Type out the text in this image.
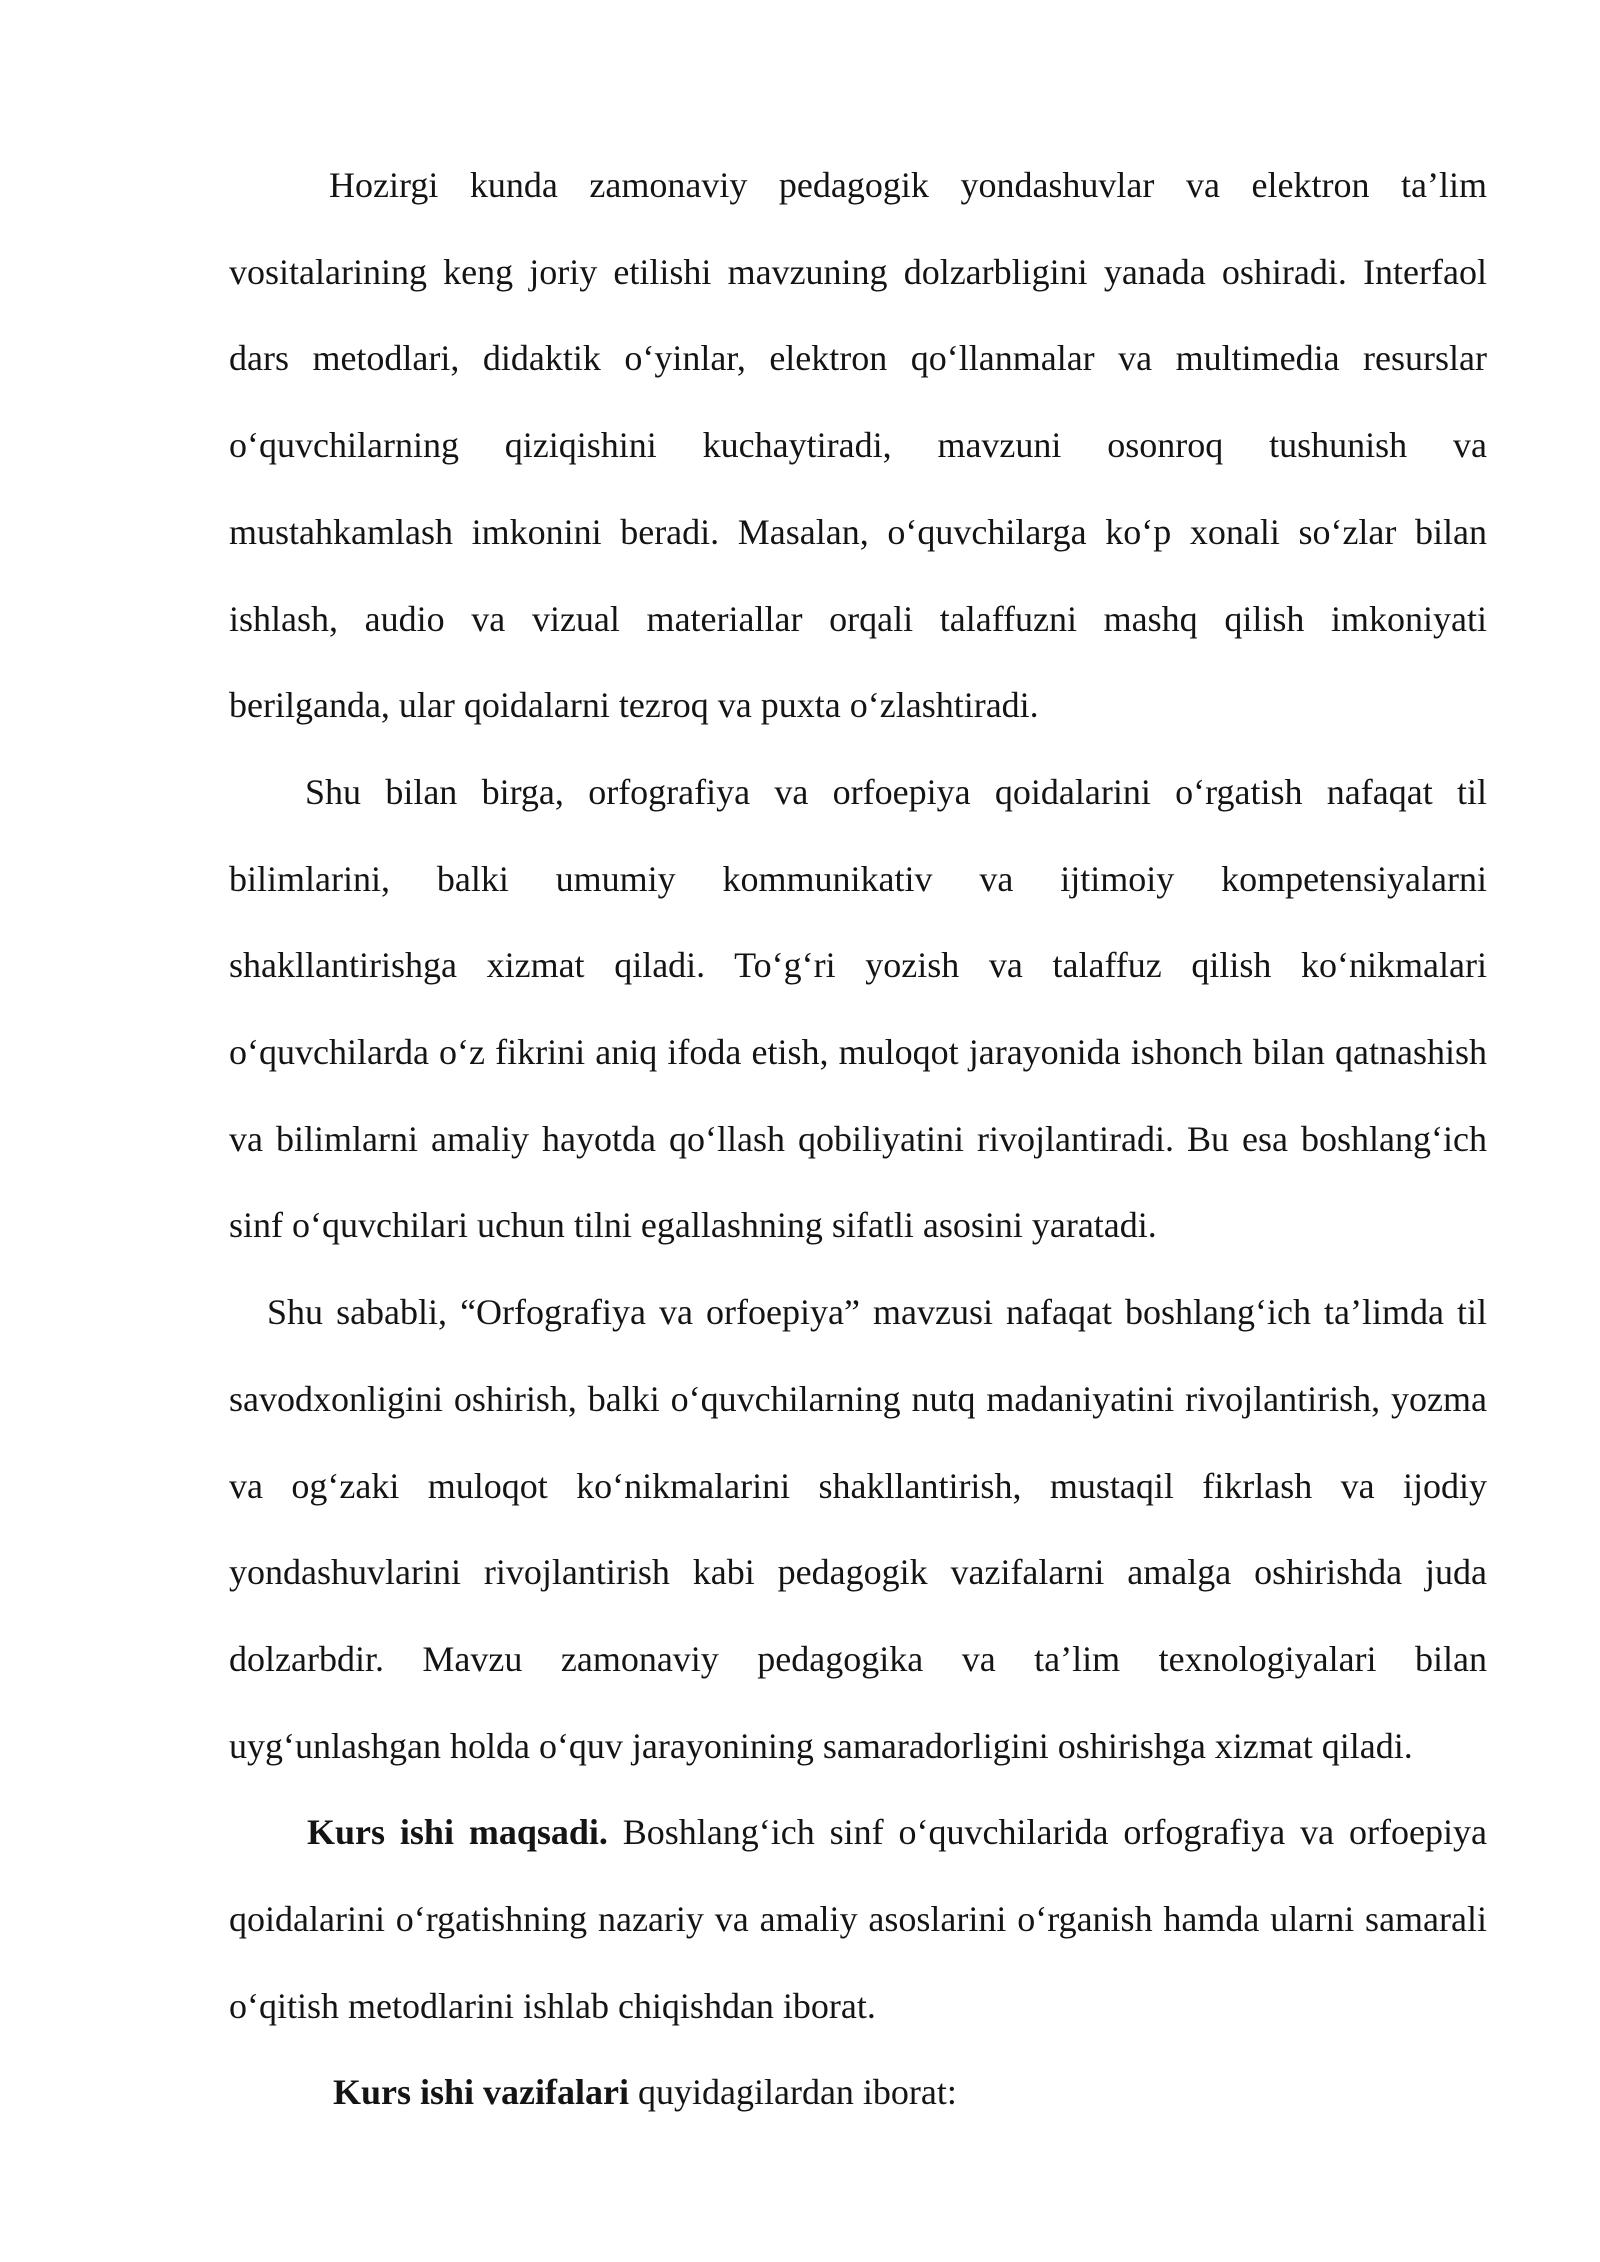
Hozirgi kunda zamonaviy pedagogik yondashuvlar va elektron ta’lim vositalarining keng joriy etilishi mavzuning dolzarbligini yanada oshiradi. Interfaol dars metodlari, didaktik o‘yinlar, elektron qo‘llanmalar va multimedia resurslar o‘quvchilarning qiziqishini kuchaytiradi, mavzuni osonroq tushunish va mustahkamlash imkonini beradi. Masalan, o‘quvchilarga ko‘p xonali so‘zlar bilan ishlash, audio va vizual materiallar orqali talaffuzni mashq qilish imkoniyati berilganda, ular qoidalarni tezroq va puxta o‘zlashtiradi.

Shu bilan birga, orfografiya va orfoepiya qoidalarini o‘rgatish nafaqat til bilimlarini, balki umumiy kommunikativ va ijtimoiy kompetensiyalarni shakllantirishga xizmat qiladi. To‘g‘ri yozish va talaffuz qilish ko‘nikmalari o‘quvchilarda o‘z fikrini aniq ifoda etish, muloqot jarayonida ishonch bilan qatnashish va bilimlarni amaliy hayotda qo‘llash qobiliyatini rivojlantiradi. Bu esa boshlang‘ich sinf o‘quvchilari uchun tilni egallashning sifatli asosini yaratadi.

Shu sababli, “Orfografiya va orfoepiya” mavzusi nafaqat boshlang‘ich ta’limda til savodxonligini oshirish, balki o‘quvchilarning nutq madaniyatini rivojlantirish, yozma va og‘zaki muloqot ko‘nikmalarini shakllantirish, mustaqil fikrlash va ijodiy yondashuvlarini rivojlantirish kabi pedagogik vazifalarni amalga oshirishda juda dolzarbdir. Mavzu zamonaviy pedagogika va ta’lim texnologiyalari bilan uyg‘unlashgan holda o‘quv jarayonining samaradorligini oshirishga xizmat qiladi.

Kurs ishi maqsadi. Boshlang‘ich sinf o‘quvchilarida orfografiya va orfoepiya qoidalarini o‘rgatishning nazariy va amaliy asoslarini o‘rganish hamda ularni samarali o‘qitish metodlarini ishlab chiqishdan iborat.

Kurs ishi vazifalari quyidagilardan iborat:
